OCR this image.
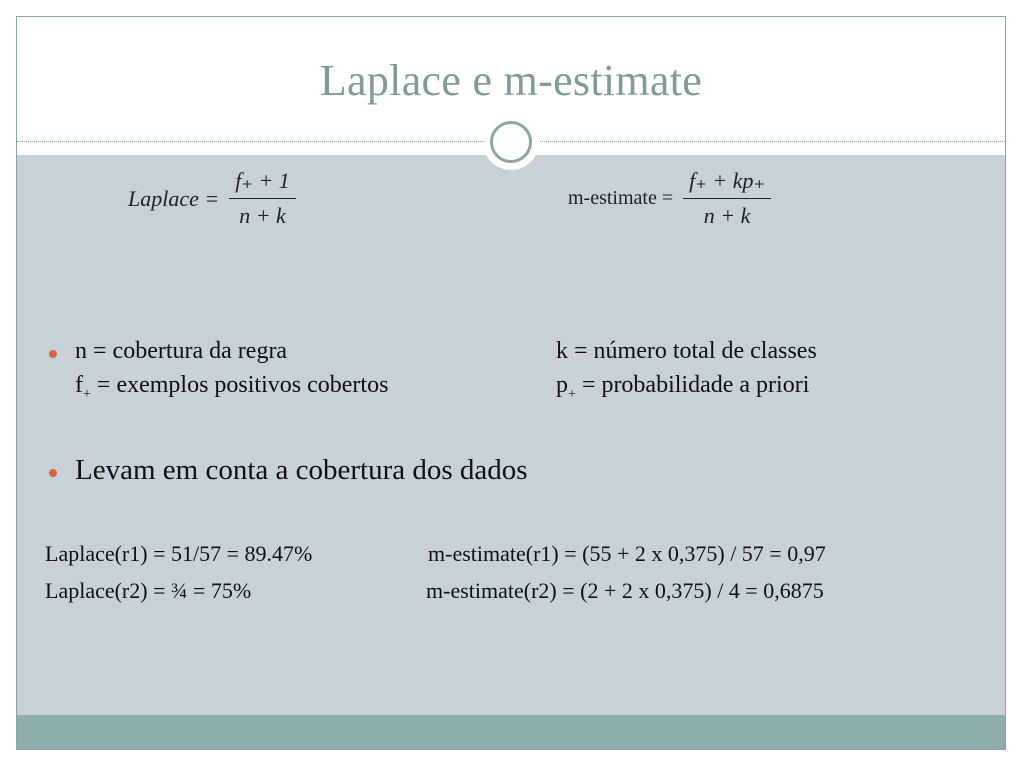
Laplace e m-estimate
Laplace = $\frac{f_+ + 1}{n + k}$	m-estimate = $\frac{f_+ + kp_+}{n + k}$
n = cobertura da regra	k = número total de classes
$f_+$ = exemplos positivos cobertos	$p_+$ = probabilidade a priori
Levam em conta a cobertura dos dados
Laplace(r1) = 51/57 = 89.47%	m-estimate(r1) = (55 + 2 x 0,375) / 57 = 0,97
Laplace(r2) = ¾ = 75%	m-estimate(r2) = (2 + 2 x 0,375) / 4 = 0,6875
